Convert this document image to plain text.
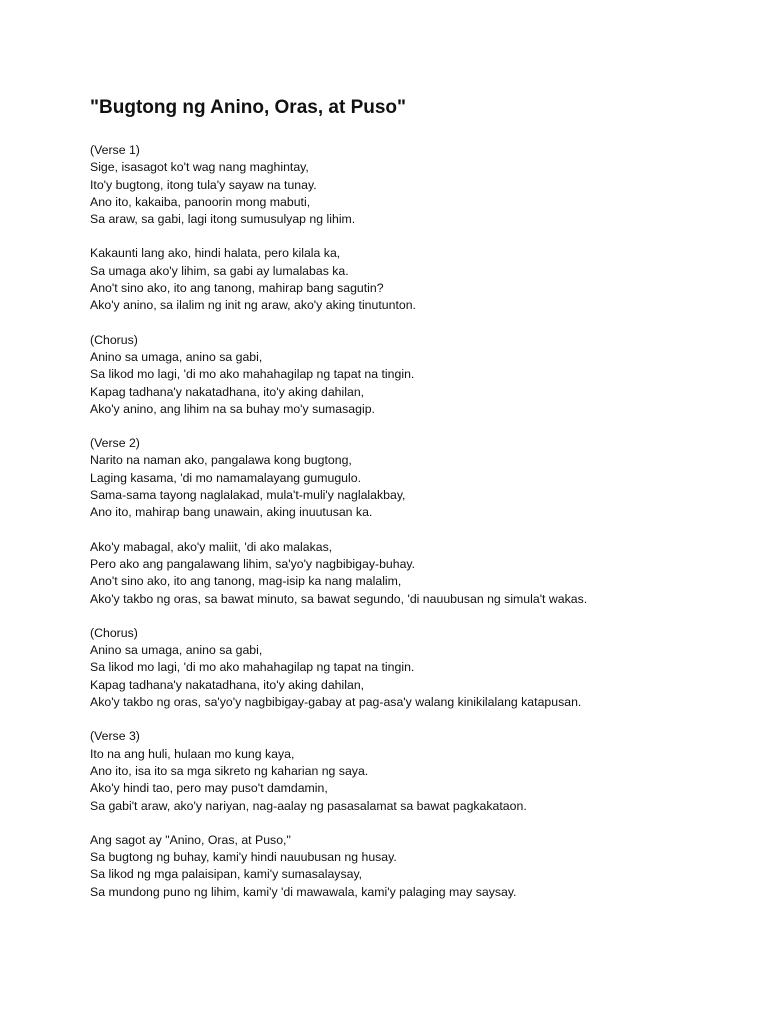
"Bugtong ng Anino, Oras, at Puso"
(Verse 1)
Sige, isasagot ko't wag nang maghintay,
Ito'y bugtong, itong tula'y sayaw na tunay.
Ano ito, kakaiba, panoorin mong mabuti,
Sa araw, sa gabi, lagi itong sumusulyap ng lihim.
Kakaunti lang ako, hindi halata, pero kilala ka,
Sa umaga ako'y lihim, sa gabi ay lumalabas ka.
Ano't sino ako, ito ang tanong, mahirap bang sagutin?
Ako'y anino, sa ilalim ng init ng araw, ako'y aking tinutunton.
(Chorus)
Anino sa umaga, anino sa gabi,
Sa likod mo lagi, 'di mo ako mahahagilap ng tapat na tingin.
Kapag tadhana'y nakatadhana, ito'y aking dahilan,
Ako'y anino, ang lihim na sa buhay mo'y sumasagip.
(Verse 2)
Narito na naman ako, pangalawa kong bugtong,
Laging kasama, 'di mo namamalayang gumugulo.
Sama-sama tayong naglalakad, mula't-muli'y naglalakbay,
Ano ito, mahirap bang unawain, aking inuutusan ka.
Ako'y mabagal, ako'y maliit, 'di ako malakas,
Pero ako ang pangalawang lihim, sa'yo'y nagbibigay-buhay.
Ano't sino ako, ito ang tanong, mag-isip ka nang malalim,
Ako'y takbo ng oras, sa bawat minuto, sa bawat segundo, 'di nauubusan ng simula't wakas.
(Chorus)
Anino sa umaga, anino sa gabi,
Sa likod mo lagi, 'di mo ako mahahagilap ng tapat na tingin.
Kapag tadhana'y nakatadhana, ito'y aking dahilan,
Ako'y takbo ng oras, sa'yo'y nagbibigay-gabay at pag-asa'y walang kinikilalang katapusan.
(Verse 3)
Ito na ang huli, hulaan mo kung kaya,
Ano ito, isa ito sa mga sikreto ng kaharian ng saya.
Ako'y hindi tao, pero may puso't damdamin,
Sa gabi't araw, ako'y nariyan, nag-aalay ng pasasalamat sa bawat pagkakataon.
Ang sagot ay "Anino, Oras, at Puso,"
Sa bugtong ng buhay, kami'y hindi nauubusan ng husay.
Sa likod ng mga palaisipan, kami'y sumasalaysay,
Sa mundong puno ng lihim, kami'y 'di mawawala, kami'y palaging may saysay.
